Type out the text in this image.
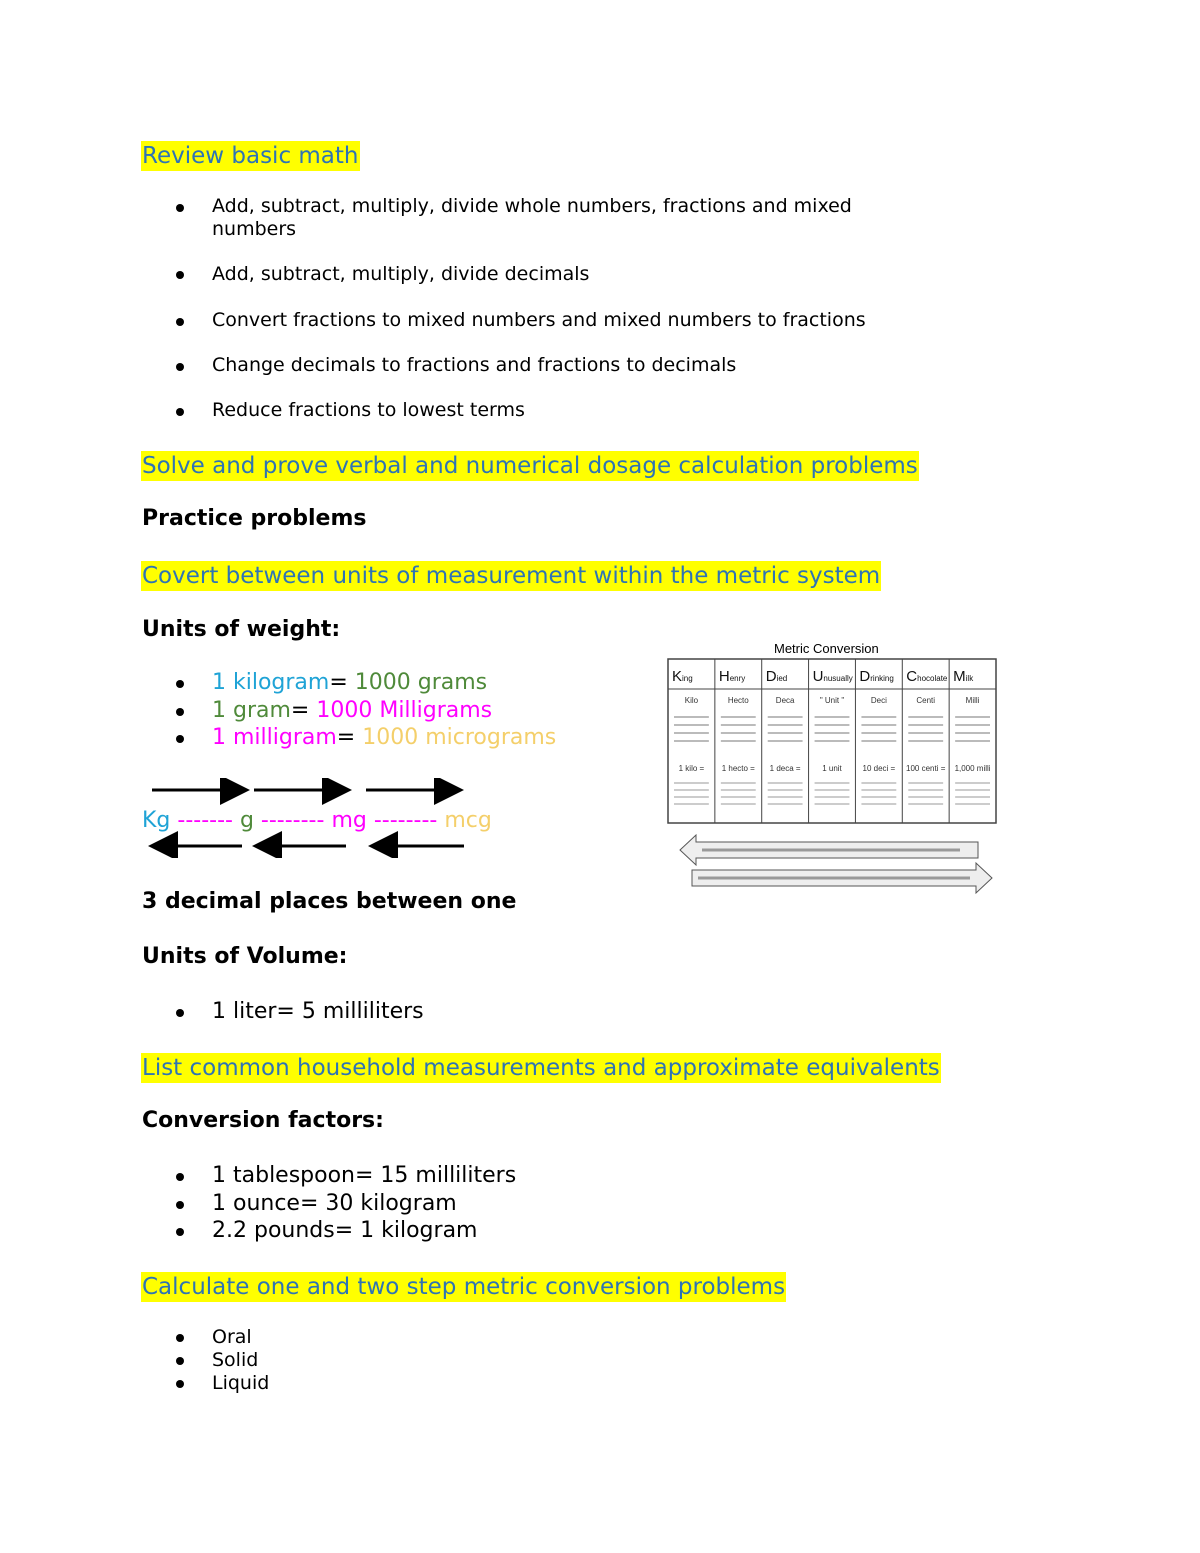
Review basic math
Add, subtract, multiply, divide whole numbers, fractions and mixed
numbers
Add, subtract, multiply, divide decimals
Convert fractions to mixed numbers and mixed numbers to fractions
Change decimals to fractions and fractions to decimals
Reduce fractions to lowest terms
Solve and prove verbal and numerical dosage calculation problems
Practice problems
Covert between units of measurement within the metric system
Units of weight:
1 kilogram= 1000 grams
1 gram= 1000 Milligrams
1 milligram= 1000 micrograms
Kg ------- g -------- mg -------- mcg
Metric Conversion
King
Kilo
1 kilo =
Henry
Hecto
1 hecto =
Died
Deca
1 deca =
Unusually
" Unit "
1 unit
Drinking
Deci
10 deci =
Chocolate
Centi
100 centi =
Milk
Milli
1,000 milli
3 decimal places between one
Units of Volume:
1 liter= 5 milliliters
List common household measurements and approximate equivalents
Conversion factors:
1 tablespoon= 15 milliliters
1 ounce= 30 kilogram
2.2 pounds= 1 kilogram
Calculate one and two step metric conversion problems
Oral
Solid
Liquid
